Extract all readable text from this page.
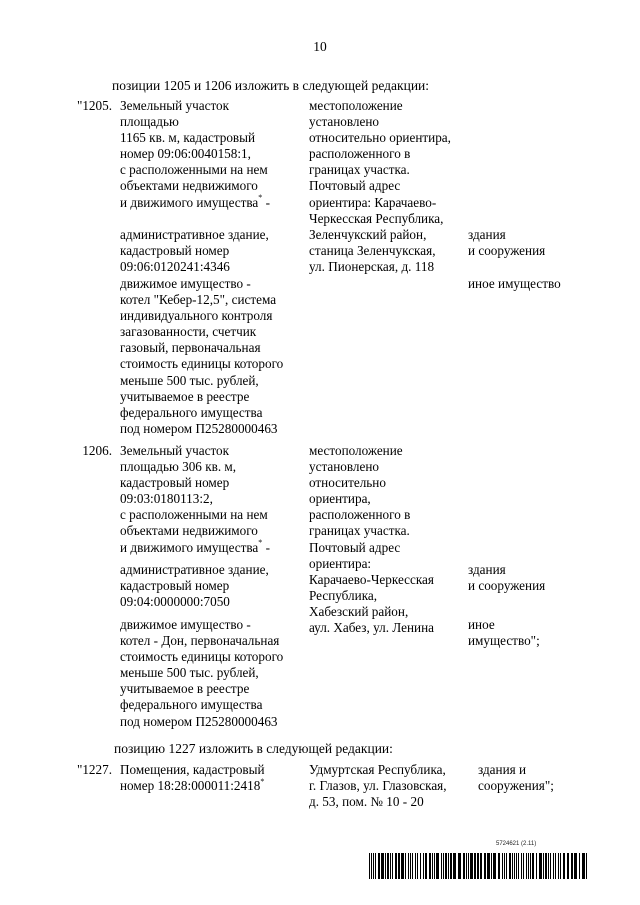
10
позиции 1205 и 1206 изложить в следующей редакции:
"1205. Земельный участок
площадью
1165 кв. м, кадастровый
номер 09:06:0040158:1,
с расположенными на нем
объектами недвижимого
и движимого имущества* -
административное здание,
кадастровый номер
09:06:0120241:4346
движимое имущество -
котел "Кебер-12,5", система
индивидуального контроля
загазованности, счетчик
газовый, первоначальная
стоимость единицы которого
меньше 500 тыс. рублей,
учитываемое в реестре
федерального имущества
под номером П25280000463
местоположение
установлено
относительно ориентира,
расположенного в
границах участка.
Почтовый адрес
ориентира: Карачаево-
Черкесская Республика,
Зеленчукский район,
станица Зеленчукская,
ул. Пионерская, д. 118
здания
и сооружения
иное имущество
1206. Земельный участок
площадью 306 кв. м,
кадастровый номер
09:03:0180113:2,
с расположенными на нем
объектами недвижимого
и движимого имущества* -
административное здание,
кадастровый номер
09:04:0000000:7050
движимое имущество -
котел - Дон, первоначальная
стоимость единицы которого
меньше 500 тыс. рублей,
учитываемое в реестре
федерального имущества
под номером П25280000463
местоположение
установлено
относительно
ориентира,
расположенного в
границах участка.
Почтовый адрес
ориентира:
Карачаево-Черкесская
Республика,
Хабезский район,
аул. Хабез, ул. Ленина
здания
и сооружения
иное
имущество";
позицию 1227 изложить в следующей редакции:
"1227. Помещения, кадастровый
номер 18:28:000011:2418*
Удмуртская Республика,
г. Глазов, ул. Глазовская,
д. 53, пом. № 10 - 20
здания и
сооружения";
5724621 (2.11)
